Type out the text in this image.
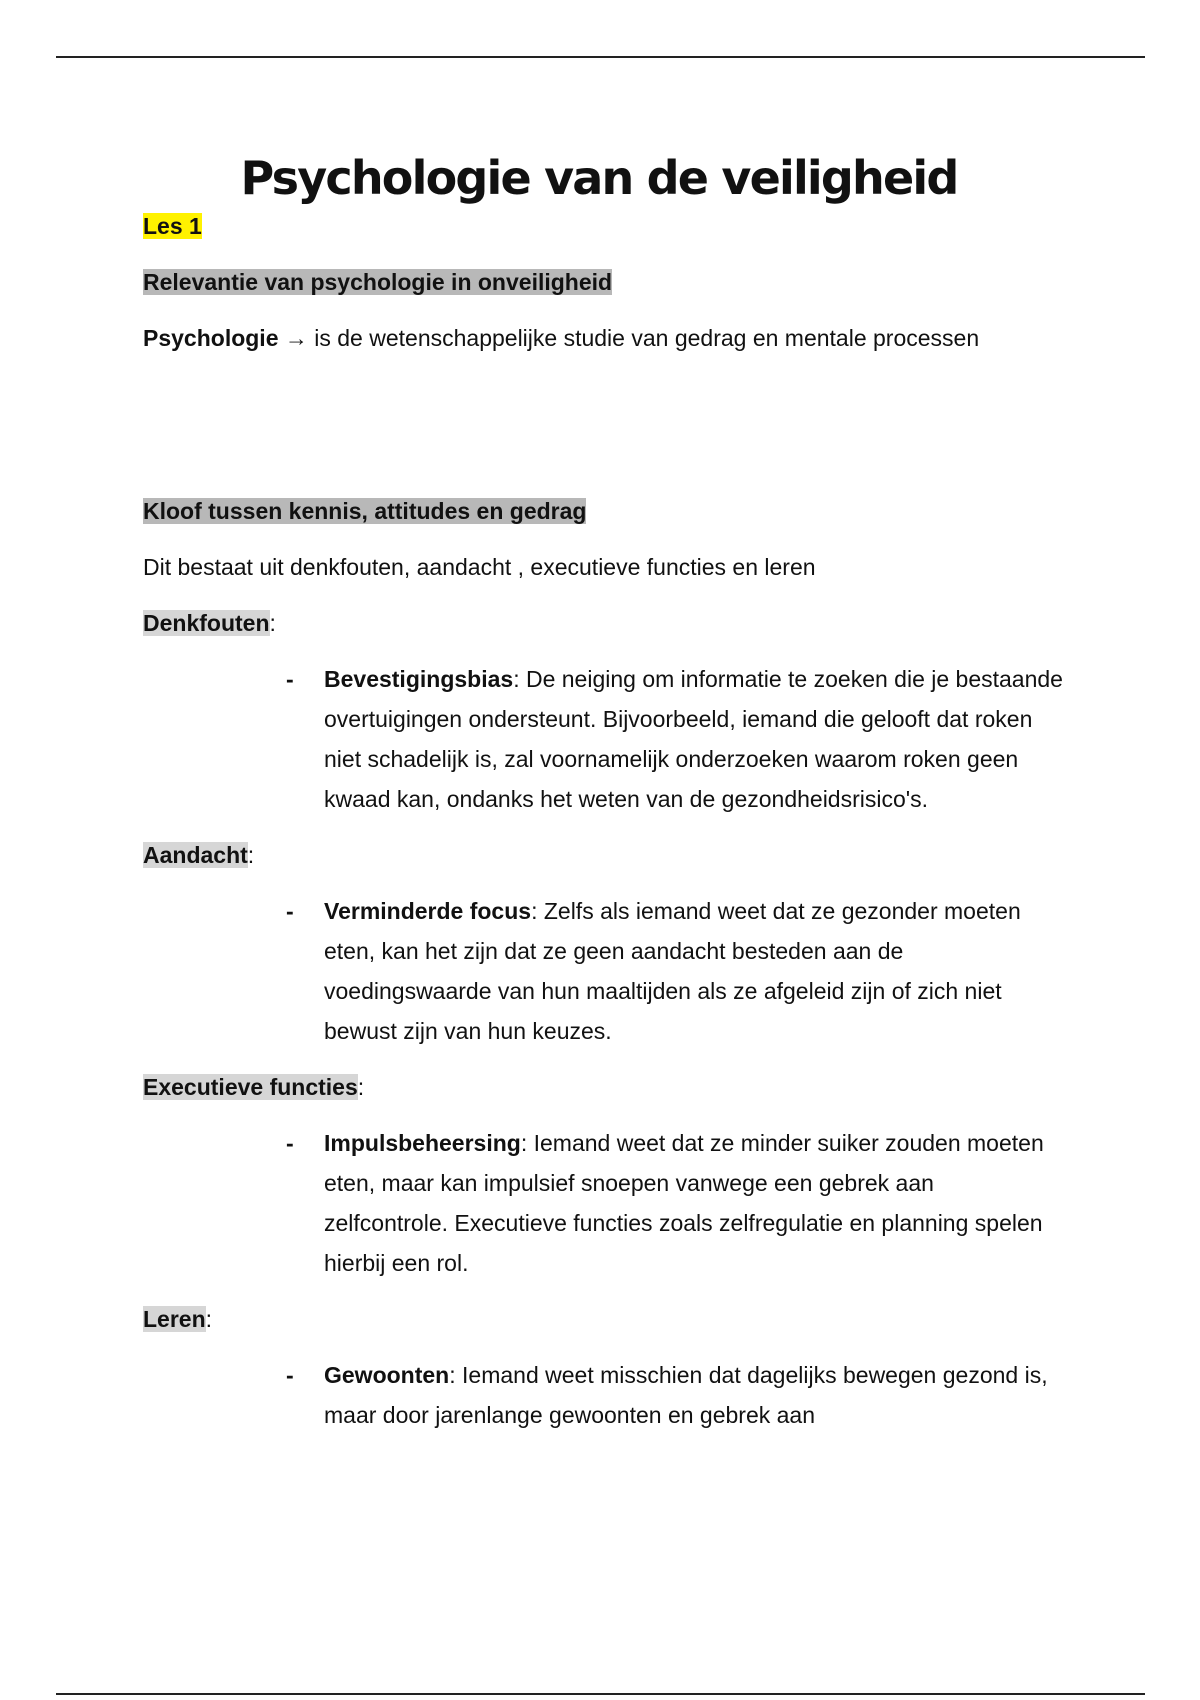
Psychologie van de veiligheid

Les 1

Relevantie van psychologie in onveiligheid

Psychologie → is de wetenschappelijke studie van gedrag en mentale processen

Kloof tussen kennis, attitudes en gedrag

Dit bestaat uit denkfouten, aandacht , executieve functies en leren

Denkfouten:

- Bevestigingsbias: De neiging om informatie te zoeken die je bestaande overtuigingen ondersteunt. Bijvoorbeeld, iemand die gelooft dat roken niet schadelijk is, zal voornamelijk onderzoeken waarom roken geen kwaad kan, ondanks het weten van de gezondheidsrisico's.

Aandacht:

- Verminderde focus: Zelfs als iemand weet dat ze gezonder moeten eten, kan het zijn dat ze geen aandacht besteden aan de voedingswaarde van hun maaltijden als ze afgeleid zijn of zich niet bewust zijn van hun keuzes.

Executieve functies:

- Impulsbeheersing: Iemand weet dat ze minder suiker zouden moeten eten, maar kan impulsief snoepen vanwege een gebrek aan zelfcontrole. Executieve functies zoals zelfregulatie en planning spelen hierbij een rol.

Leren:

- Gewoonten: Iemand weet misschien dat dagelijks bewegen gezond is, maar door jarenlange gewoonten en gebrek aan
